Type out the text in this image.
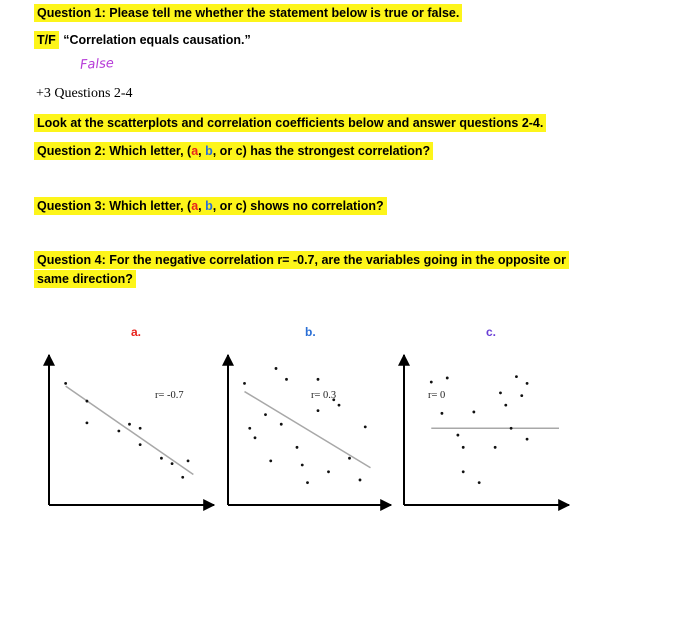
Question 1: Please tell me whether the statement below is true or false.
T/F “Correlation equals causation.”
False
+3 Questions 2-4
Look at the scatterplots and correlation coefficients below and answer questions 2-4.
Question 2: Which letter, (a, b, or c) has the strongest correlation?
Question 3: Which letter, (a, b, or c) shows no correlation?
Question 4: For the negative correlation r= -0.7, are the variables going in the opposite or
same direction?
a.	b.	c.
r= -0.7	r= 0.3	r= 0
